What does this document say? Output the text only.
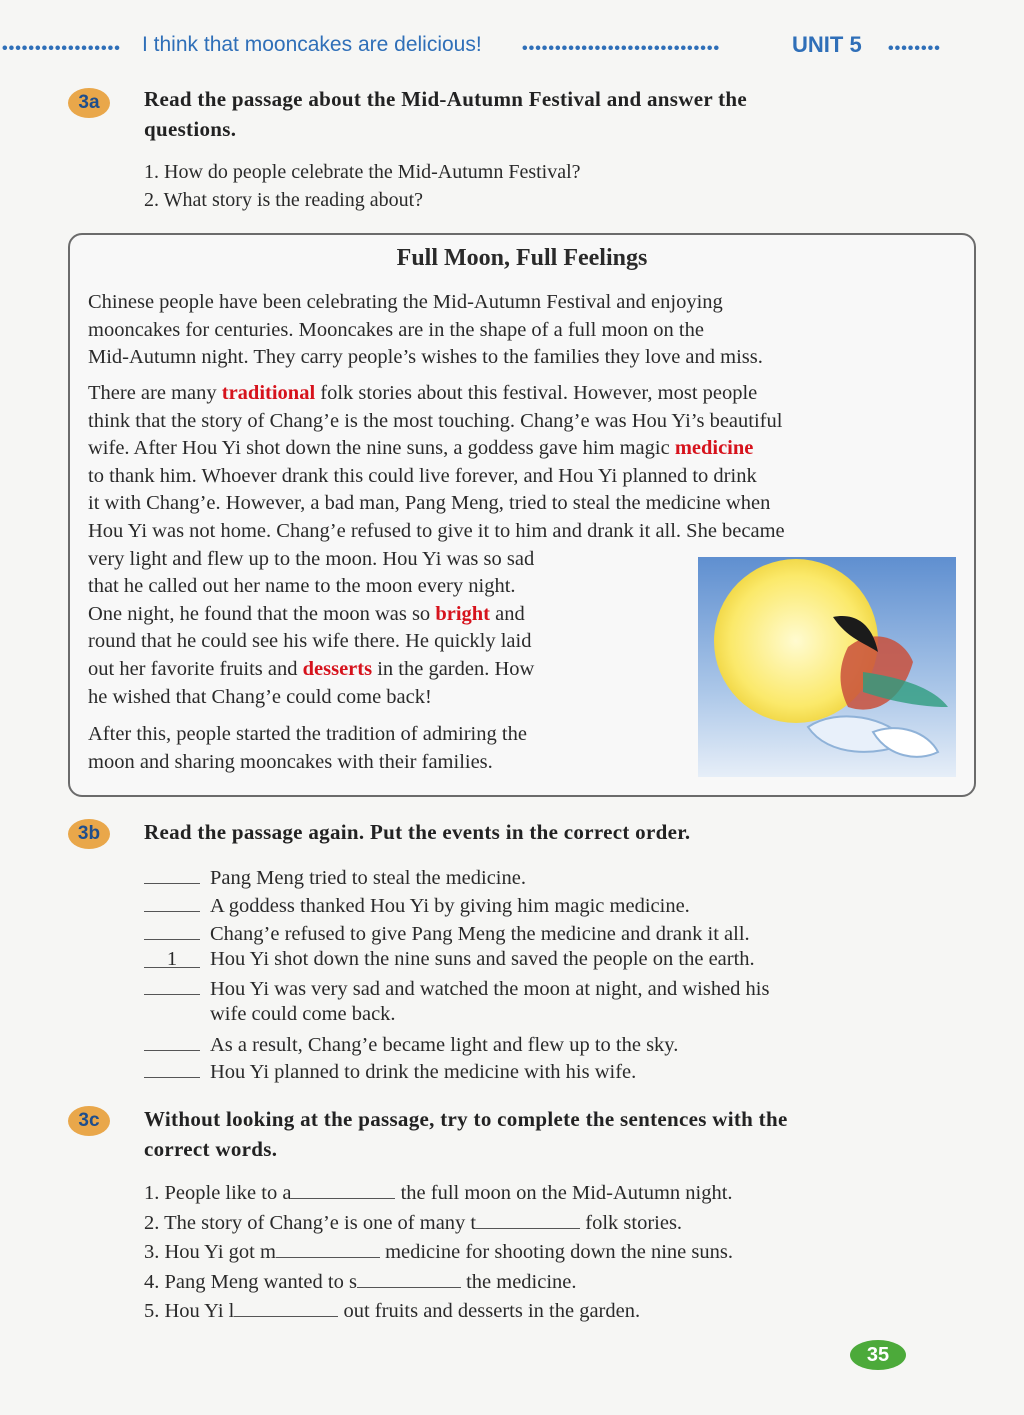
••••••••••••••••••	I think that mooncakes are delicious!	••••••••••••••••••••••••••••••	UNIT 5 ••••••••
3a	Read the passage about the Mid-Autumn Festival and answer the
questions.
1. How do people celebrate the Mid-Autumn Festival?
2. What story is the reading about?
Full Moon, Full Feelings
Chinese people have been celebrating the Mid-Autumn Festival and enjoying
mooncakes for centuries. Mooncakes are in the shape of a full moon on the
Mid-Autumn night. They carry people’s wishes to the families they love and miss.
There are many traditional folk stories about this festival. However, most people
think that the story of Chang’e is the most touching. Chang’e was Hou Yi’s beautiful
wife. After Hou Yi shot down the nine suns, a goddess gave him magic medicine
to thank him. Whoever drank this could live forever, and Hou Yi planned to drink
it with Chang’e. However, a bad man, Pang Meng, tried to steal the medicine when
Hou Yi was not home. Chang’e refused to give it to him and drank it all. She became
very light and flew up to the moon. Hou Yi was so sad
that he called out her name to the moon every night.
One night, he found that the moon was so bright and
round that he could see his wife there. He quickly laid
out her favorite fruits and desserts in the garden. How
he wished that Chang’e could come back!
After this, people started the tradition of admiring the
moon and sharing mooncakes with their families.
3b	Read the passage again. Put the events in the correct order.
Pang Meng tried to steal the medicine.
A goddess thanked Hou Yi by giving him magic medicine.
Chang’e refused to give Pang Meng the medicine and drank it all.
1 Hou Yi shot down the nine suns and saved the people on the earth.
Hou Yi was very sad and watched the moon at night, and wished his
wife could come back.
As a result, Chang’e became light and flew up to the sky.
Hou Yi planned to drink the medicine with his wife.
3c	Without looking at the passage, try to complete the sentences with the
correct words.
1. People like to a	the full moon on the Mid-Autumn night.
2. The story of Chang’e is one of many t	folk stories.
3. Hou Yi got m	medicine for shooting down the nine suns.
4. Pang Meng wanted to s	the medicine.
5. Hou Yi l	out fruits and desserts in the garden.
35
